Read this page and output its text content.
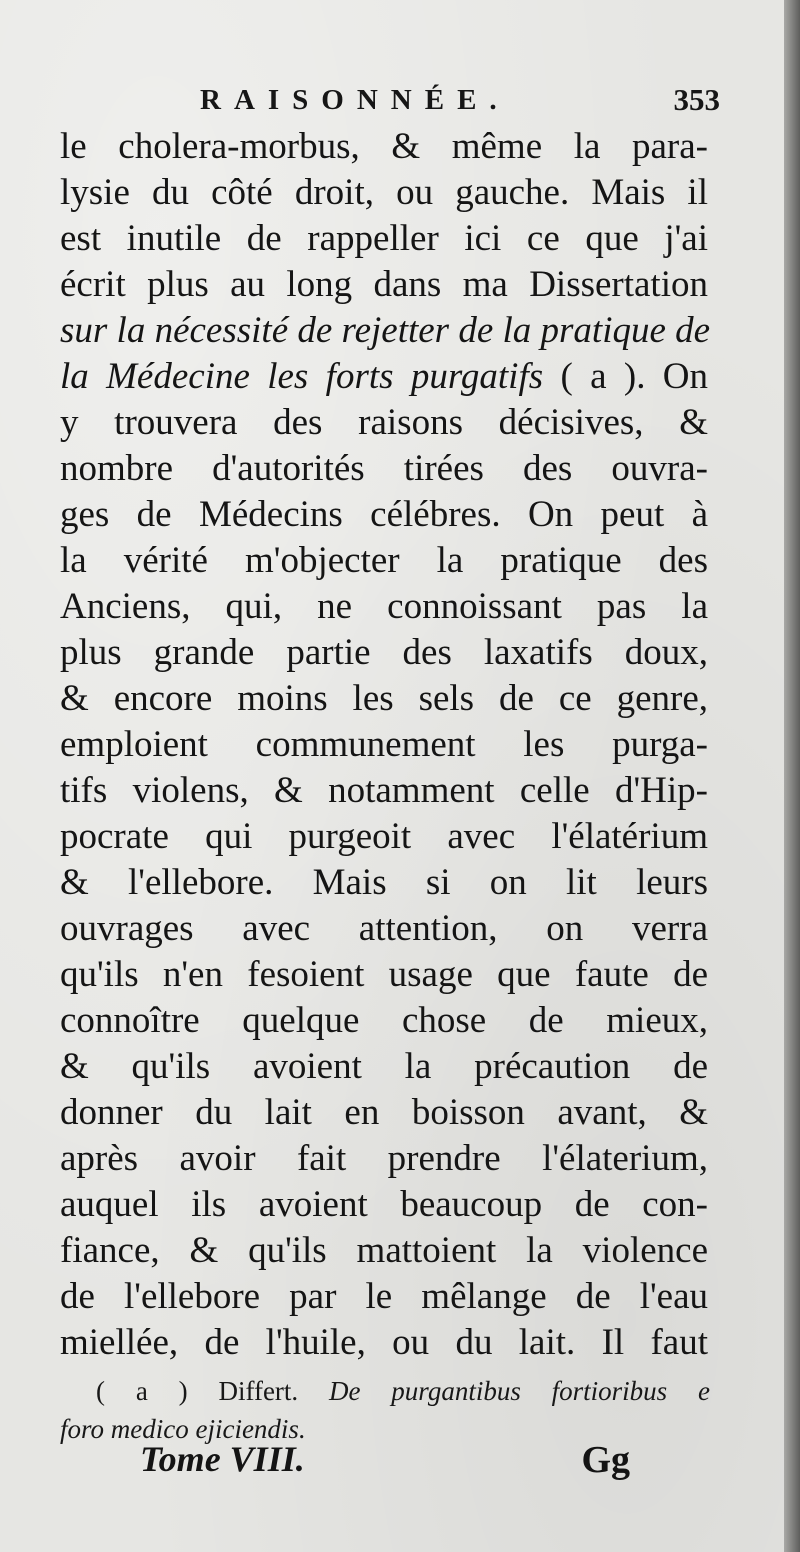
RAISONNÉE.	353
le cholera-morbus, & même la para-
lysie du côté droit, ou gauche. Mais il
est inutile de rappeller ici ce que j'ai
écrit plus au long dans ma Dissertation
sur la nécessité de rejetter de la pratique de
la Médecine les forts purgatifs ( a ). On
y trouvera des raisons décisives, &
nombre d'autorités tirées des ouvra-
ges de Médecins célébres. On peut à
la vérité m'objecter la pratique des
Anciens, qui, ne connoissant pas la
plus grande partie des laxatifs doux,
& encore moins les sels de ce genre,
emploient communement les purga-
tifs violens, & notamment celle d'Hip-
pocrate qui purgeoit avec l'élatérium
& l'ellebore. Mais si on lit leurs
ouvrages avec attention, on verra
qu'ils n'en fesoient usage que faute de
connoître quelque chose de mieux,
& qu'ils avoient la précaution de
donner du lait en boisson avant, &
après avoir fait prendre l'élaterium,
auquel ils avoient beaucoup de con-
fiance, & qu'ils mattoient la violence
de l'ellebore par le mêlange de l'eau
miellée, de l'huile, ou du lait. Il faut
( a ) Differt. De purgantibus fortioribus e
foro medico ejiciendis.
Tome VIII.	Gg
